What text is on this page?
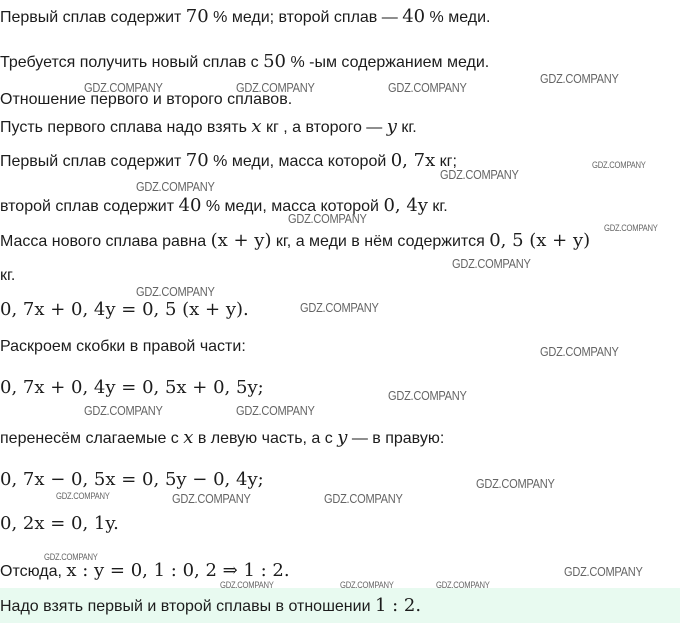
Первый сплав содержит 70 % меди; второй сплав — 40 % меди.
Требуется получить новый сплав с 50 % -ым содержанием меди.
Отношение первого и второго сплавов.
Пусть первого сплава надо взять x кг , а второго — y кг.
Первый сплав содержит 70 % меди, масса которой 0, 7x кг;
второй сплав содержит 40 % меди, масса которой 0, 4y кг.
Масса нового сплава равна (x + y) кг, а меди в нём содержится 0, 5 (x + y)
кг.
0, 7x + 0, 4y = 0, 5 (x + y).
Раскроем скобки в правой части:
0, 7x + 0, 4y = 0, 5x + 0, 5y;
перенесём слагаемые с x в левую часть, а с y — в правую:
0, 7x − 0, 5x = 0, 5y − 0, 4y;
0, 2x = 0, 1y.
Отсюда, x : y = 0, 1 : 0, 2 ⇒ 1 : 2.
Надо взять первый и второй сплавы в отношении 1 : 2.
GDZ.COMPANY	GDZ.COMPANY	GDZ.COMPANY
GDZ.COMPANY
GDZ.COMPANY
GDZ.COMPANY
GDZ.COMPANY
GDZ.COMPANY
GDZ.COMPANY
GDZ.COMPANY
GDZ.COMPANY
GDZ.COMPANY
GDZ.COMPANY
GDZ.COMPANY
GDZ.COMPANY	GDZ.COMPANY
GDZ.COMPANY
GDZ.COMPANY	GDZ.COMPANY	GDZ.COMPANY
GDZ.COMPANY
GDZ.COMPANY
GDZ.COMPANY	GDZ.COMPANY	GDZ.COMPANY
